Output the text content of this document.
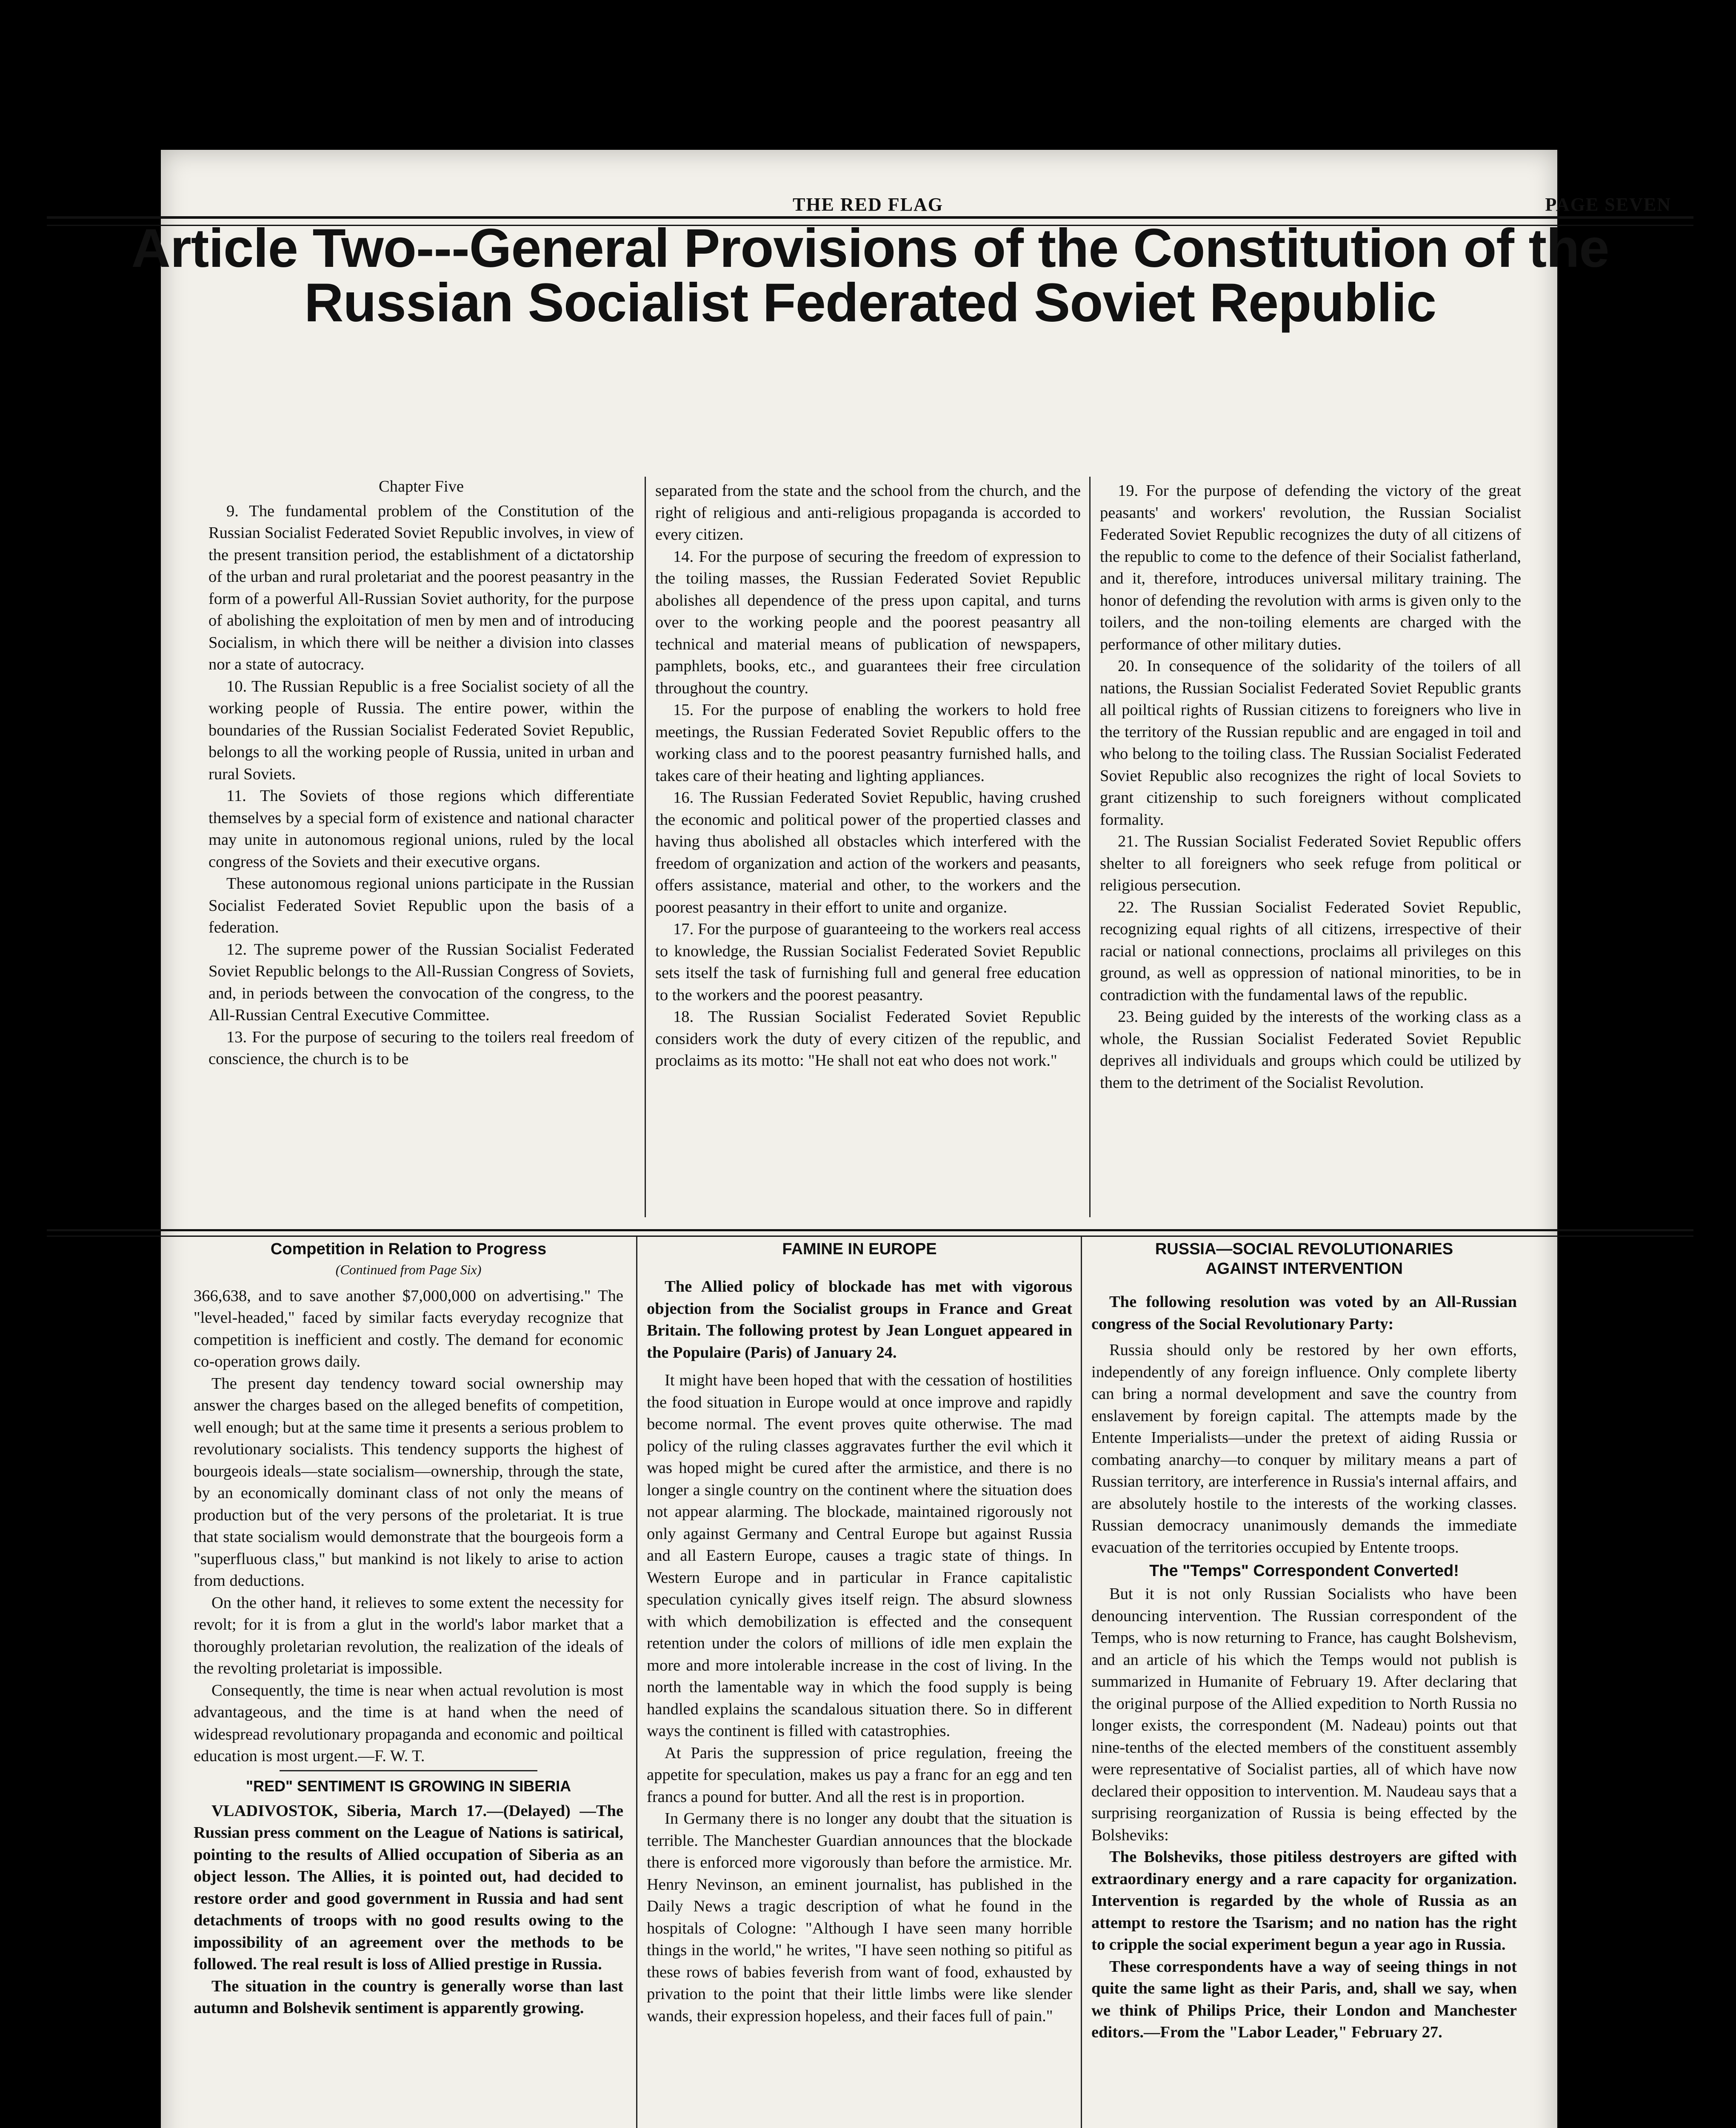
THE RED FLAG	PAGE SEVEN
Article Two---General Provisions of the Constitution of the
Russian Socialist Federated Soviet Republic

Chapter Five

9. The fundamental problem of the Constitution of the Russian Socialist Federated Soviet Republic involves, in view of the present transition period, the establishment of a dictatorship of the urban and rural proletariat and the poorest peasantry in the form of a powerful All-Russian Soviet authority, for the purpose of abolishing the exploitation of men by men and of introducing Socialism, in which there will be neither a division into classes nor a state of autocracy.

10. The Russian Republic is a free Socialist society of all the working people of Russia. The entire power, within the boundaries of the Russian Socialist Federated Soviet Republic, belongs to all the working people of Russia, united in urban and rural Soviets.

11. The Soviets of those regions which differentiate themselves by a special form of existence and national character may unite in autonomous regional unions, ruled by the local congress of the Soviets and their executive organs.

These autonomous regional unions participate in the Russian Socialist Federated Soviet Republic upon the basis of a federation.

12. The supreme power of the Russian Socialist Federated Soviet Republic belongs to the All-Russian Congress of Soviets, and, in periods between the convocation of the congress, to the All-Russian Central Executive Committee.

13. For the purpose of securing to the toilers real freedom of conscience, the church is to be

separated from the state and the school from the church, and the right of religious and anti-religious propaganda is accorded to every citizen.

14. For the purpose of securing the freedom of expression to the toiling masses, the Russian Federated Soviet Republic abolishes all dependence of the press upon capital, and turns over to the working people and the poorest peasantry all technical and material means of publication of newspapers, pamphlets, books, etc., and guarantees their free circulation throughout the country.

15. For the purpose of enabling the workers to hold free meetings, the Russian Federated Soviet Republic offers to the working class and to the poorest peasantry furnished halls, and takes care of their heating and lighting appliances.

16. The Russian Federated Soviet Republic, having crushed the economic and political power of the propertied classes and having thus abolished all obstacles which interfered with the freedom of organization and action of the workers and peasants, offers assistance, material and other, to the workers and the poorest peasantry in their effort to unite and organize.

17. For the purpose of guaranteeing to the workers real access to knowledge, the Russian Socialist Federated Soviet Republic sets itself the task of furnishing full and general free education to the workers and the poorest peasantry.

18. The Russian Socialist Federated Soviet Republic considers work the duty of every citizen of the republic, and proclaims as its motto: "He shall not eat who does not work."

19. For the purpose of defending the victory of the great peasants' and workers' revolution, the Russian Socialist Federated Soviet Republic recognizes the duty of all citizens of the republic to come to the defence of their Socialist fatherland, and it, therefore, introduces universal military training. The honor of defending the revolution with arms is given only to the toilers, and the non-toiling elements are charged with the performance of other military duties.

20. In consequence of the solidarity of the toilers of all nations, the Russian Socialist Federated Soviet Republic grants all poiltical rights of Russian citizens to foreigners who live in the territory of the Russian republic and are engaged in toil and who belong to the toiling class. The Russian Socialist Federated Soviet Republic also recognizes the right of local Soviets to grant citizenship to such foreigners without complicated formality.

21. The Russian Socialist Federated Soviet Republic offers shelter to all foreigners who seek refuge from political or religious persecution.

22. The Russian Socialist Federated Soviet Republic, recognizing equal rights of all citizens, irrespective of their racial or national connections, proclaims all privileges on this ground, as well as oppression of national minorities, to be in contradiction with the fundamental laws of the republic.

23. Being guided by the interests of the working class as a whole, the Russian Socialist Federated Soviet Republic deprives all individuals and groups which could be utilized by them to the detriment of the Socialist Revolution.

Competition in Relation to Progress

(Continued from Page Six)

366,638, and to save another $7,000,000 on advertising." The "level-headed," faced by similar facts everyday recognize that competition is inefficient and costly. The demand for economic co-operation grows daily.

The present day tendency toward social ownership may answer the charges based on the alleged benefits of competition, well enough; but at the same time it presents a serious problem to revolutionary socialists. This tendency supports the highest of bourgeois ideals—state socialism—ownership, through the state, by an economically dominant class of not only the means of production but of the very persons of the proletariat. It is true that state socialism would demonstrate that the bourgeois form a "superfluous class," but mankind is not likely to arise to action from deductions.

On the other hand, it relieves to some extent the necessity for revolt; for it is from a glut in the world's labor market that a thoroughly proletarian revolution, the realization of the ideals of the revolting proletariat is impossible.

Consequently, the time is near when actual revolution is most advantageous, and the time is at hand when the need of widespread revolutionary propaganda and economic and poiltical education is most urgent.—F. W. T.

"RED" SENTIMENT IS GROWING IN SIBERIA

VLADIVOSTOK, Siberia, March 17.—(Delayed) —The Russian press comment on the League of Nations is satirical, pointing to the results of Allied occupation of Siberia as an object lesson. The Allies, it is pointed out, had decided to restore order and good government in Russia and had sent detachments of troops with no good results owing to the impossibility of an agreement over the methods to be followed. The real result is loss of Allied prestige in Russia.

The situation in the country is generally worse than last autumn and Bolshevik sentiment is apparently growing.

FAMINE IN EUROPE

The Allied policy of blockade has met with vigorous objection from the Socialist groups in France and Great Britain. The following protest by Jean Longuet appeared in the Populaire (Paris) of January 24.

It might have been hoped that with the cessation of hostilities the food situation in Europe would at once improve and rapidly become normal. The event proves quite otherwise. The mad policy of the ruling classes aggravates further the evil which it was hoped might be cured after the armistice, and there is no longer a single country on the continent where the situation does not appear alarming. The blockade, maintained rigorously not only against Germany and Central Europe but against Russia and all Eastern Europe, causes a tragic state of things. In Western Europe and in particular in France capitalistic speculation cynically gives itself reign. The absurd slowness with which demobilization is effected and the consequent retention under the colors of millions of idle men explain the more and more intolerable increase in the cost of living. In the north the lamentable way in which the food supply is being handled explains the scandalous situation there. So in different ways the continent is filled with catastrophies.

At Paris the suppression of price regulation, freeing the appetite for speculation, makes us pay a franc for an egg and ten francs a pound for butter. And all the rest is in proportion.

In Germany there is no longer any doubt that the situation is terrible. The Manchester Guardian announces that the blockade there is enforced more vigorously than before the armistice. Mr. Henry Nevinson, an eminent journalist, has published in the Daily News a tragic description of what he found in the hospitals of Cologne: "Although I have seen many horrible things in the world," he writes, "I have seen nothing so pitiful as these rows of babies feverish from want of food, exhausted by privation to the point that their little limbs were like slender wands, their expression hopeless, and their faces full of pain."

RUSSIA—SOCIAL REVOLUTIONARIES

AGAINST INTERVENTION

The following resolution was voted by an All-Russian congress of the Social Revolutionary Party:

Russia should only be restored by her own efforts, independently of any foreign influence. Only complete liberty can bring a normal development and save the country from enslavement by foreign capital. The attempts made by the Entente Imperialists—under the pretext of aiding Russia or combating anarchy—to conquer by military means a part of Russian territory, are interference in Russia's internal affairs, and are absolutely hostile to the interests of the working classes. Russian democracy unanimously demands the immediate evacuation of the territories occupied by Entente troops.

The "Temps" Correspondent Converted!

But it is not only Russian Socialists who have been denouncing intervention. The Russian correspondent of the Temps, who is now returning to France, has caught Bolshevism, and an article of his which the Temps would not publish is summarized in Humanite of February 19. After declaring that the original purpose of the Allied expedition to North Russia no longer exists, the correspondent (M. Nadeau) points out that nine-tenths of the elected members of the constituent assembly were representative of Socialist parties, all of which have now declared their opposition to intervention. M. Naudeau says that a surprising reorganization of Russia is being effected by the Bolsheviks:

The Bolsheviks, those pitiless destroyers are gifted with extraordinary energy and a rare capacity for organization. Intervention is regarded by the whole of Russia as an attempt to restore the Tsarism; and no nation has the right to cripple the social experiment begun a year ago in Russia.

These correspondents have a way of seeing things in not quite the same light as their Paris, and, shall we say, when we think of Philips Price, their London and Manchester editors.—From the "Labor Leader," February 27.
